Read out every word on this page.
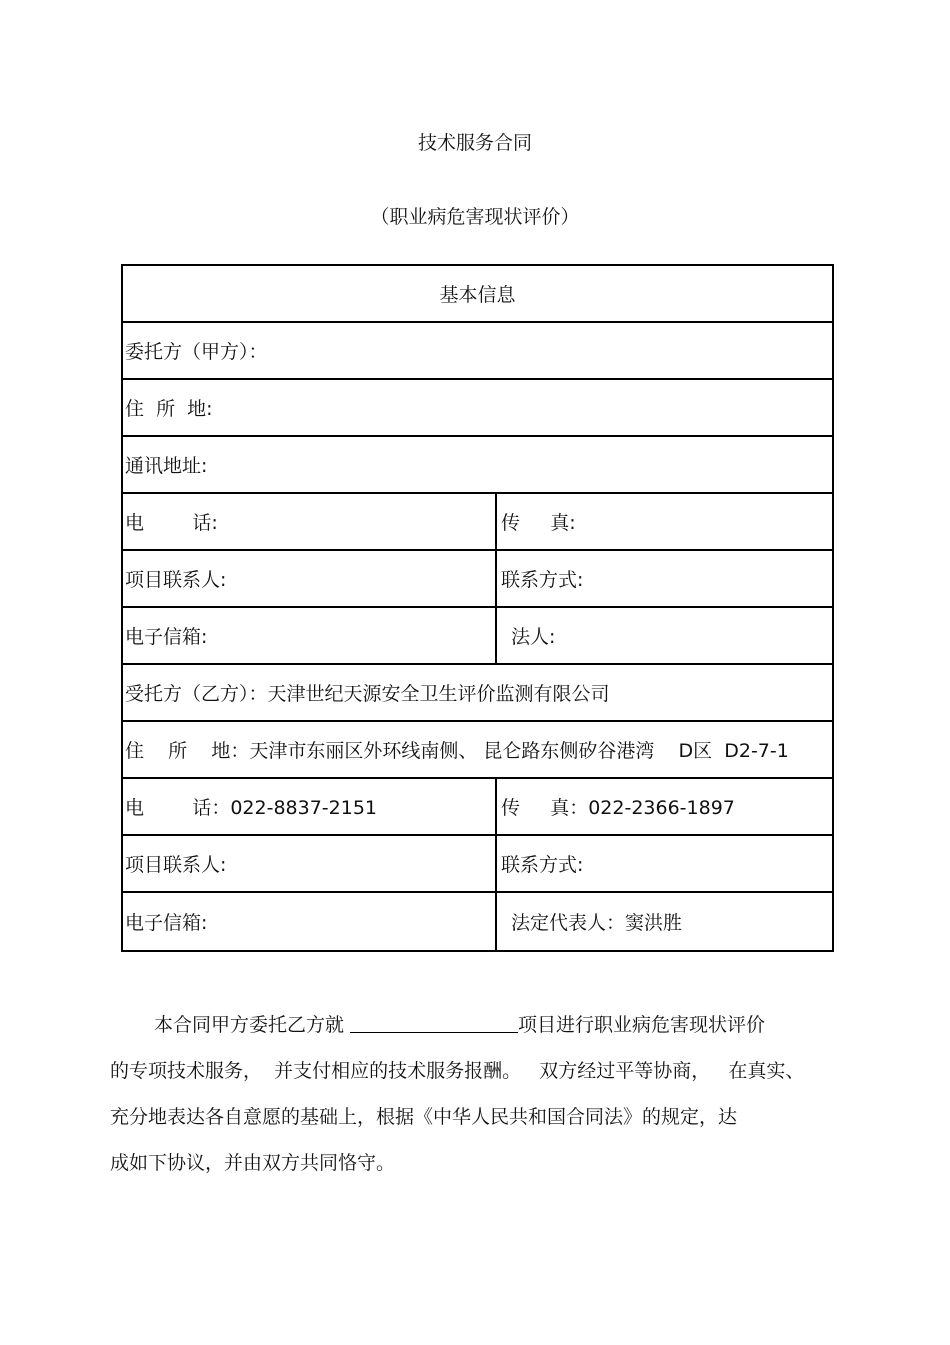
技术服务合同
（职业病危害现状评价）
基本信息
委托方（甲方）：
住  所  地:
通讯地址:
电        话:	传     真:
项目联系人:	联系方式:
电子信箱:	法人:
受托方（乙方）：天津世纪天源安全卫生评价监测有限公司
住    所    地：天津市东丽区外环线南侧、 昆仑路东侧矽谷港湾    D区  D2-7-1
电        话：022-8837-2151	传     真：022-2366-1897
项目联系人:	联系方式:
电子信箱:	法定代表人：窦洪胜
本合同甲方委托乙方就	项目进行职业病危害现状评价
的专项技术服务，  并支付相应的技术服务报酬。   双方经过平等协商，   在真实、
充分地表达各自意愿的基础上，根据《中华人民共和国合同法》的规定，达
成如下协议，并由双方共同恪守。
